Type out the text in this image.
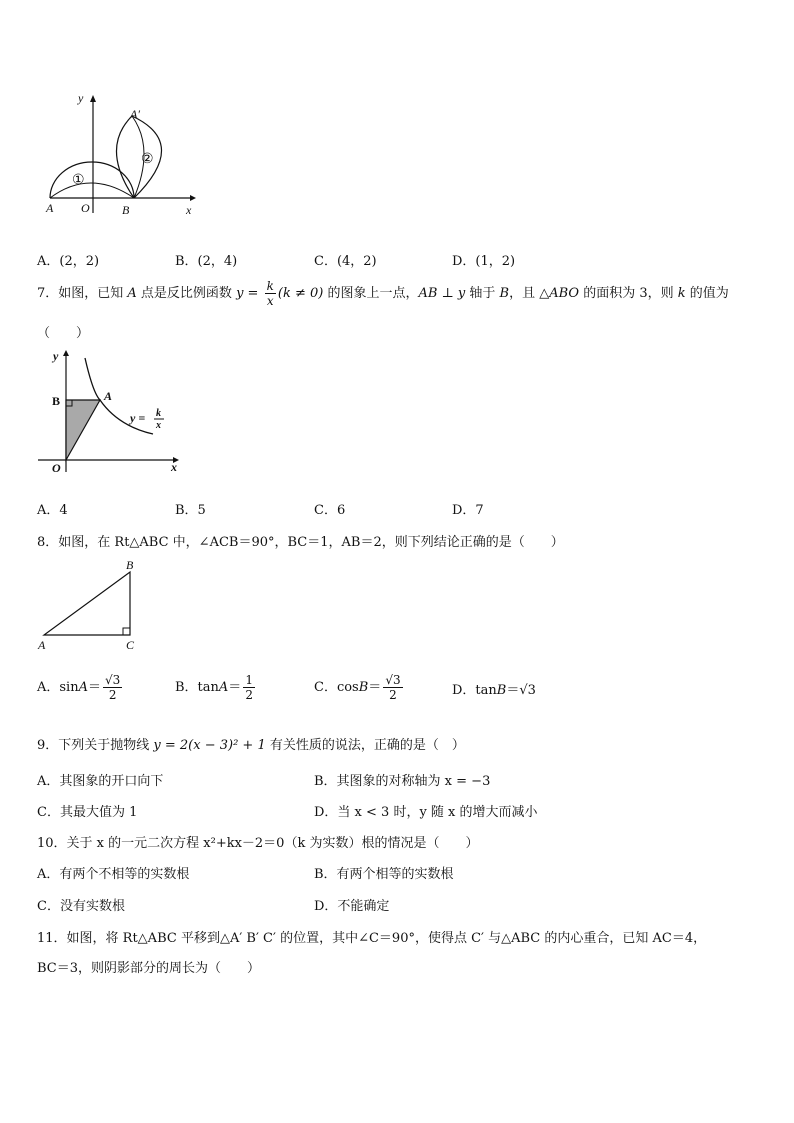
y
x
A O	B
A′
①
②
A．(2，2)	B．(2，4)	C．(4，2)	D．(1，2)
7．如图，已知 A 点是反比例函数 $y = \frac{k}{x} (k \ne 0)$ 的图象上一点，AB ⊥ y 轴于 B，且 △ABO 的面积为 3，则 k 的值为
（　　）
y
x
B	A
O
y = k
x
A．4	B．5	C．6	D．7
8．如图，在 Rt△ABC 中，∠ACB＝90°，BC＝1，AB＝2，则下列结论正确的是（　　）
B
A	C
A．$\sin A= \frac{√3}{2}$	B．$\tan A= \frac{1}{2}$	C．$\cos B= \frac{√3}{2}$	D．tanB＝√3
9．下列关于抛物线 y = 2(x − 3)² + 1 有关性质的说法，正确的是（　）
A．其图象的开口向下	B．其图象的对称轴为 x = −3
C．其最大值为 1	D．当 x < 3 时，y 随 x 的增大而减小
10．关于 x 的一元二次方程 x²+kx－2＝0（k 为实数）根的情况是（　　）
A．有两个不相等的实数根	B．有两个相等的实数根
C．没有实数根	D．不能确定
11．如图，将 Rt△ABC 平移到△A′ B′ C′ 的位置，其中∠C＝90°，使得点 C′ 与△ABC 的内心重合，已知 AC＝4，
BC＝3，则阴影部分的周长为（　　）
